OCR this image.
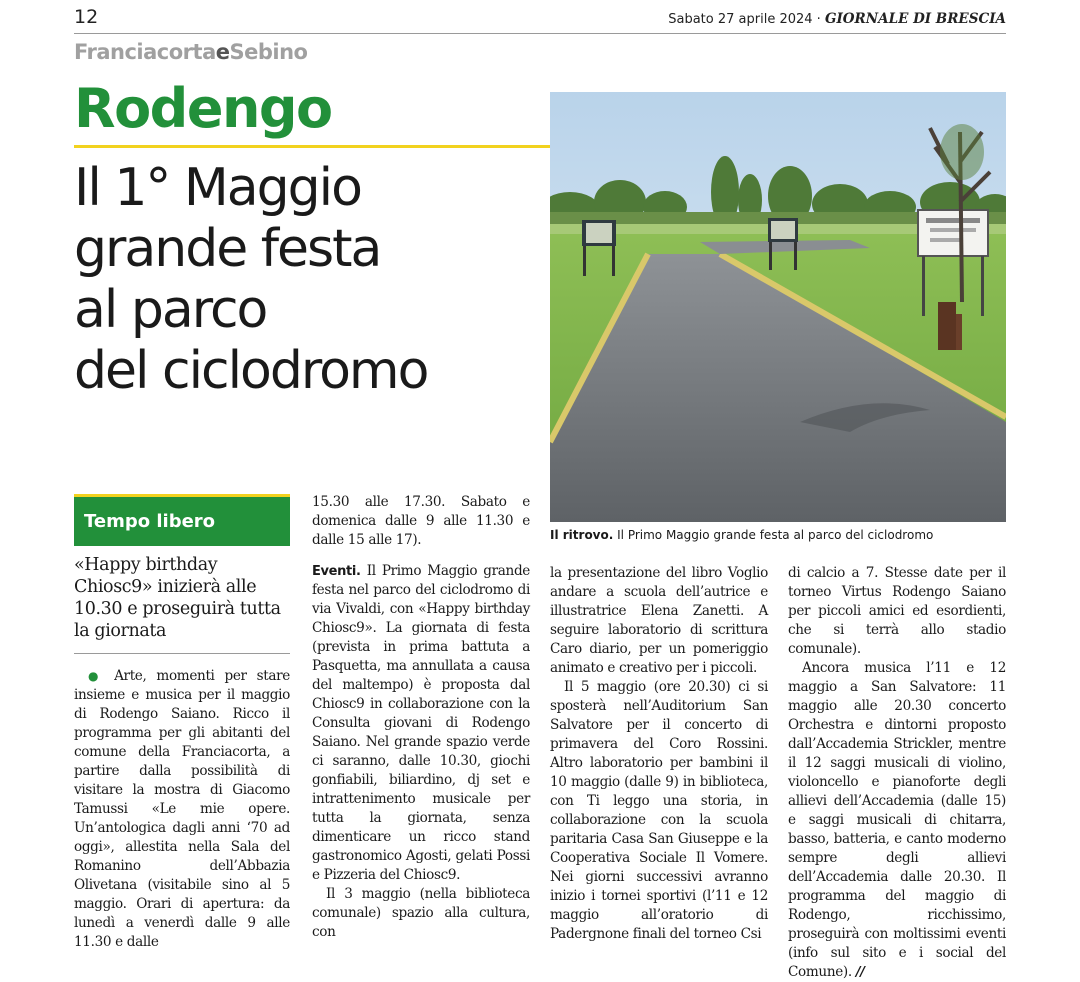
12	Sabato 27 aprile 2024 · GIORNALE DI BRESCIA
FranciacortaeSebino
Rodengo
Il 1° Maggio
grande festa
al parco
del ciclodromo
Il ritrovo. Il Primo Maggio grande festa al parco del ciclodromo
Tempo libero
«Happy birthday Chiosc9» inizierà alle 10.30 e proseguirà tutta la giornata

● Arte, momenti per stare insieme e musica per il maggio di Rodengo Saiano. Ricco il programma per gli abitanti del comune della Franciacorta, a partire dalla possibilità di visitare la mostra di Giacomo Tamussi «Le mie opere. Un’antologica dagli anni ‘70 ad oggi», allestita nella Sala del Romanino dell’Abbazia Olivetana (visitabile sino al 5 maggio. Orari di apertura: da lunedì a venerdì dalle 9 alle 11.30 e dalle

15.30 alle 17.30. Sabato e domenica dalle 9 alle 11.30 e dalle 15 alle 17).

Eventi. Il Primo Maggio grande festa nel parco del ciclodromo di via Vivaldi, con «Happy birthday Chiosc9». La giornata di festa (prevista in prima battuta a Pasquetta, ma annullata a causa del maltempo) è proposta dal Chiosc9 in collaborazione con la Consulta giovani di Rodengo Saiano. Nel grande spazio verde ci saranno, dalle 10.30, giochi gonfiabili, biliardino, dj set e intrattenimento musicale per tutta la giornata, senza dimenticare un ricco stand gastronomico Agosti, gelati Possi e Pizzeria del Chiosc9.

Il 3 maggio (nella biblioteca comunale) spazio alla cultura, con

la presentazione del libro Voglio andare a scuola dell’autrice e illustratrice Elena Zanetti. A seguire laboratorio di scrittura Caro diario, per un pomeriggio animato e creativo per i piccoli.

Il 5 maggio (ore 20.30) ci si sposterà nell’Auditorium San Salvatore per il concerto di primavera del Coro Rossini. Altro laboratorio per bambini il 10 maggio (dalle 9) in biblioteca, con Ti leggo una storia, in collaborazione con la scuola paritaria Casa San Giuseppe e la Cooperativa Sociale Il Vomere. Nei giorni successivi avranno inizio i tornei sportivi (l’11 e 12 maggio all’oratorio di Padergnone finali del torneo Csi

di calcio a 7. Stesse date per il torneo Virtus Rodengo Saiano per piccoli amici ed esordienti, che si terrà allo stadio comunale).

Ancora musica l’11 e 12 maggio a San Salvatore: 11 maggio alle 20.30 concerto Orchestra e dintorni proposto dall’Accademia Strickler, mentre il 12 saggi musicali di violino, violoncello e pianoforte degli allievi dell’Accademia (dalle 15) e saggi musicali di chitarra, basso, batteria, e canto moderno sempre degli allievi dell’Accademia dalle 20.30. Il programma del maggio di Rodengo, ricchissimo, proseguirà con moltissimi eventi (info sul sito e i social del Comune). //
